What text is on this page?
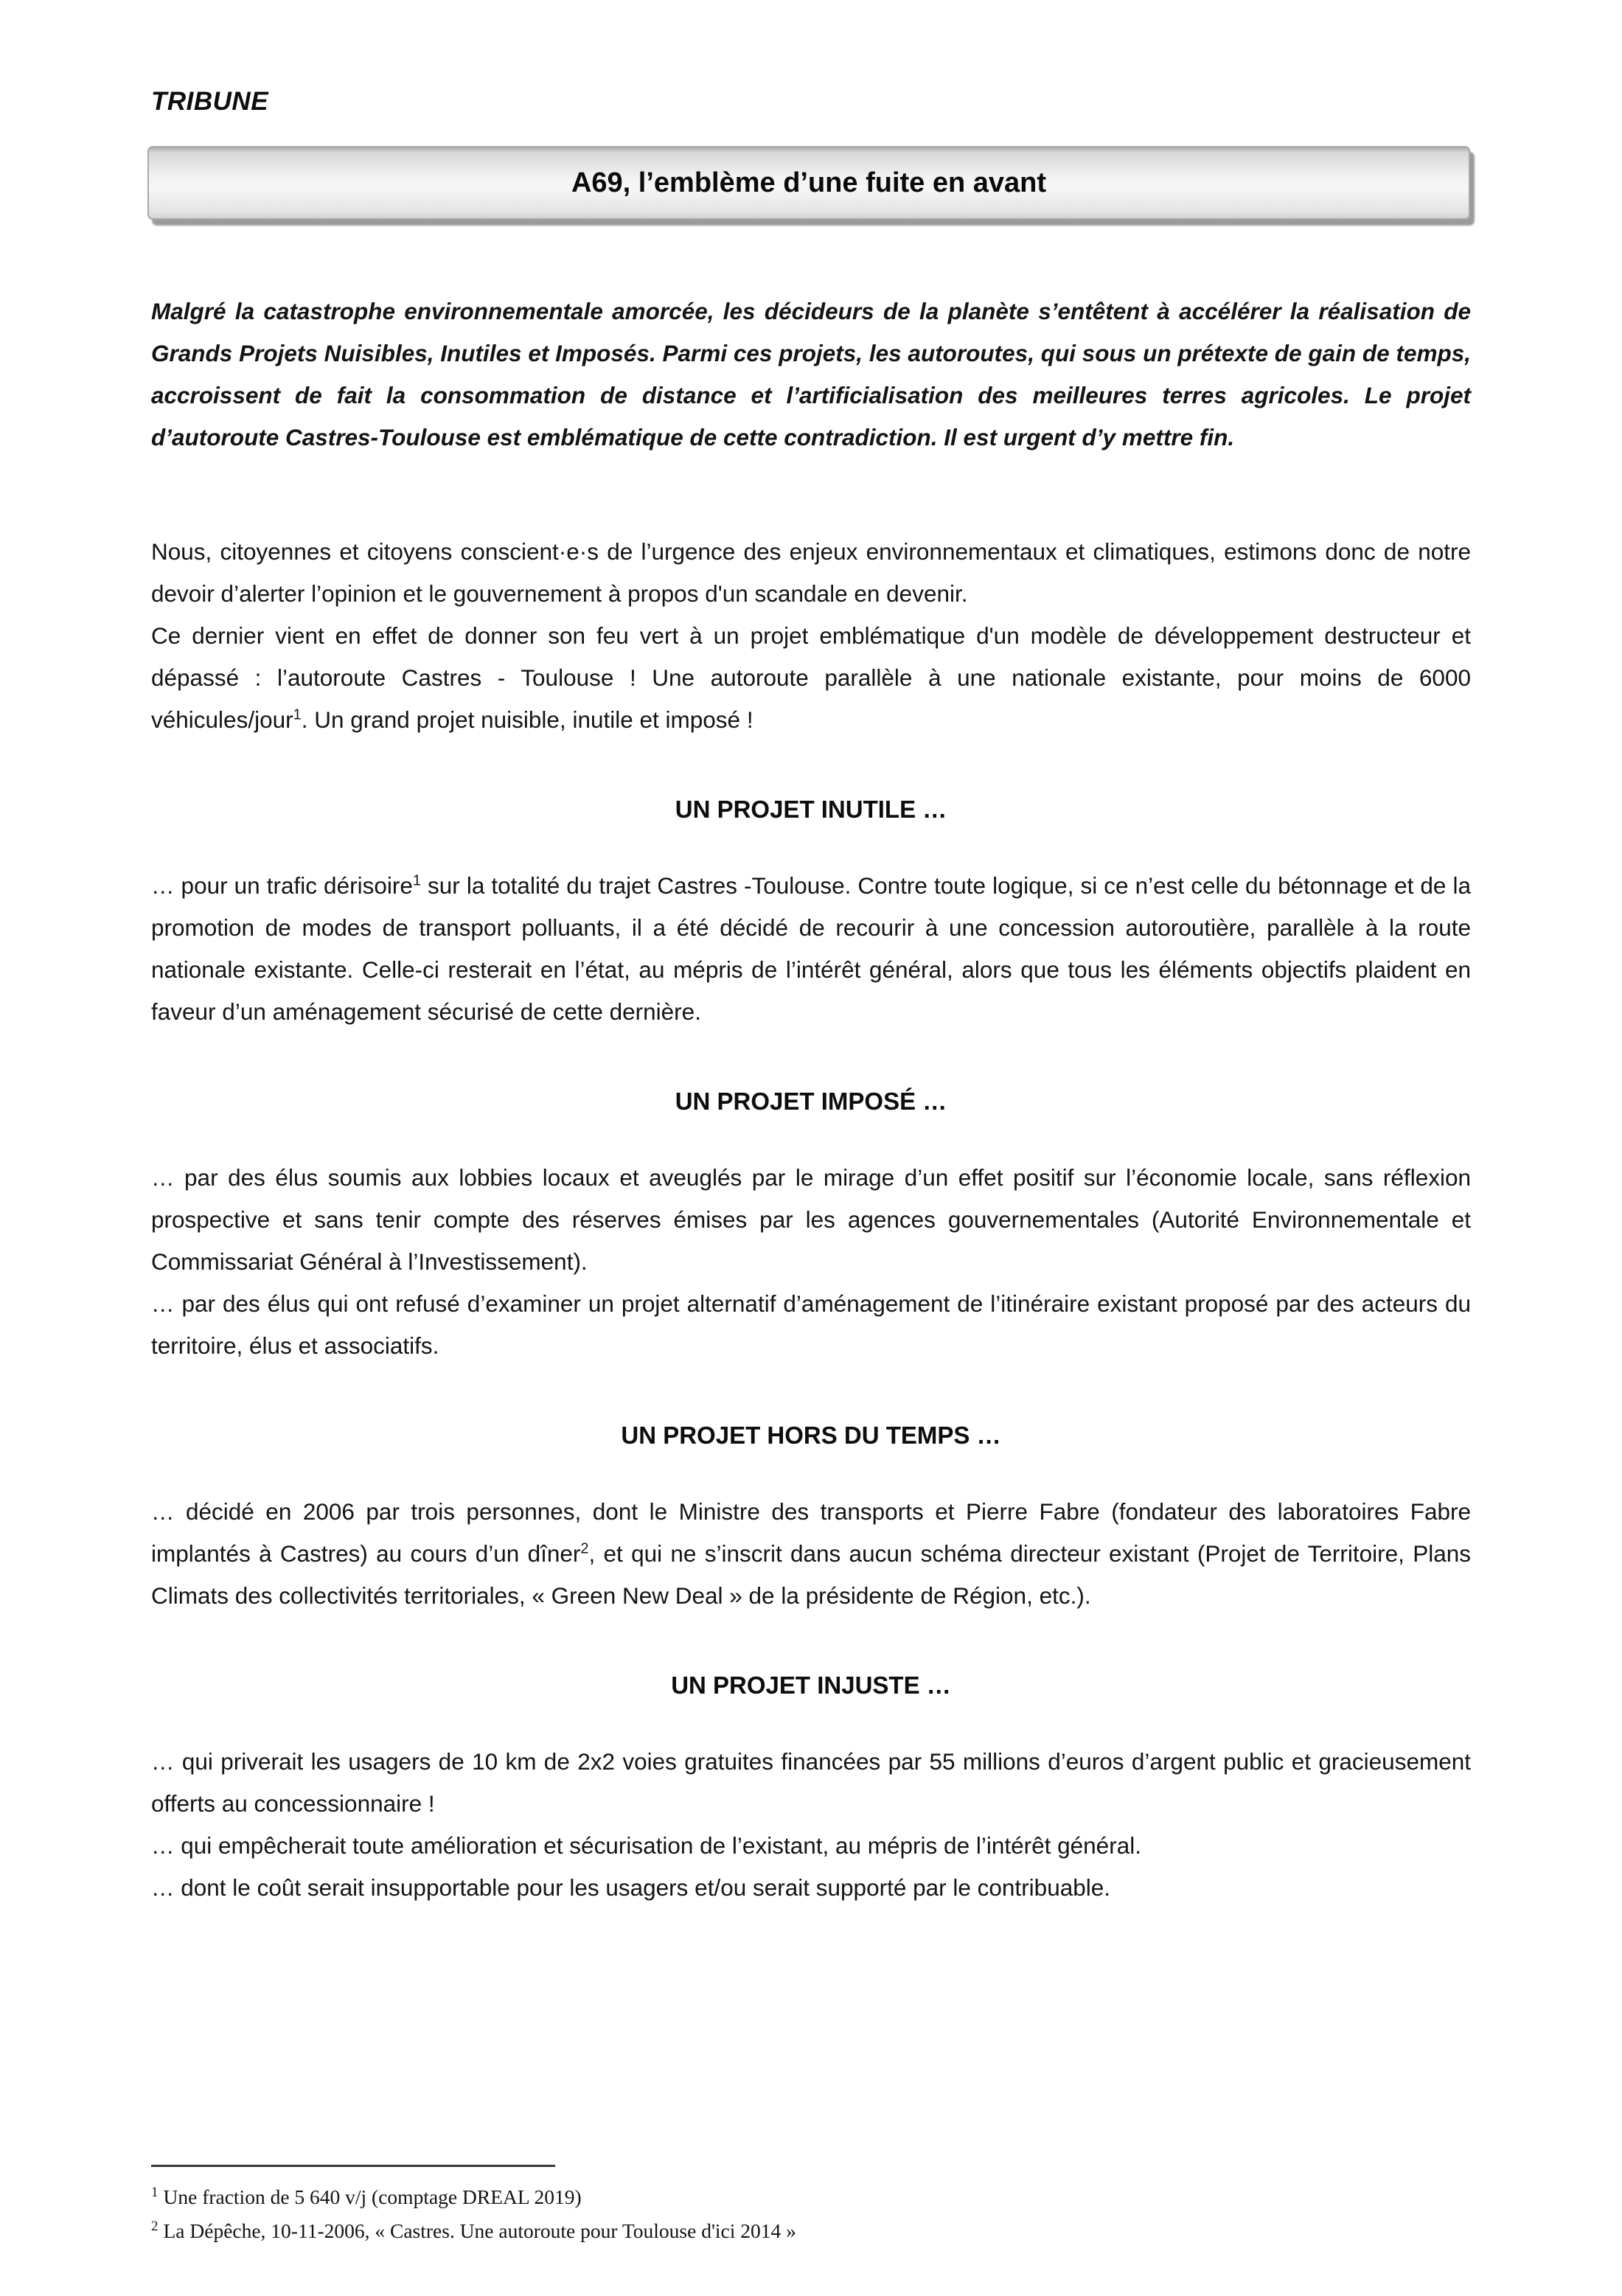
TRIBUNE
A69, l’emblème d’une fuite en avant

Malgré la catastrophe environnementale amorcée, les décideurs de la planète s’entêtent à accélérer la réalisation de Grands Projets Nuisibles, Inutiles et Imposés. Parmi ces projets, les autoroutes, qui sous un prétexte de gain de temps, accroissent de fait la consommation de distance et l’artificialisation des meilleures terres agricoles. Le projet d’autoroute Castres-Toulouse est emblématique de cette contradiction. Il est urgent d’y mettre fin.

Nous, citoyennes et citoyens conscient·e·s de l’urgence des enjeux environnementaux et climatiques, estimons donc de notre devoir d’alerter l’opinion et le gouvernement à propos d'un scandale en devenir.

Ce dernier vient en effet de donner son feu vert à un projet emblématique d'un modèle de développement destructeur et dépassé : l’autoroute Castres - Toulouse ! Une autoroute parallèle à une nationale existante, pour moins de 6000 véhicules/jour$^1$. Un grand projet nuisible, inutile et imposé !

UN PROJET INUTILE …

… pour un trafic dérisoire$^1$ sur la totalité du trajet Castres -Toulouse. Contre toute logique, si ce n’est celle du bétonnage et de la promotion de modes de transport polluants, il a été décidé de recourir à une concession autoroutière, parallèle à la route nationale existante. Celle-ci resterait en l’état, au mépris de l’intérêt général, alors que tous les éléments objectifs plaident en faveur d’un aménagement sécurisé de cette dernière.

UN PROJET IMPOSÉ …

… par des élus soumis aux lobbies locaux et aveuglés par le mirage d’un effet positif sur l’économie locale, sans réflexion prospective et sans tenir compte des réserves émises par les agences gouvernementales (Autorité Environnementale et Commissariat Général à l’Investissement).

… par des élus qui ont refusé d’examiner un projet alternatif d’aménagement de l’itinéraire existant proposé par des acteurs du territoire, élus et associatifs.

UN PROJET HORS DU TEMPS …

… décidé en 2006 par trois personnes, dont le Ministre des transports et Pierre Fabre (fondateur des laboratoires Fabre implantés à Castres) au cours d’un dîner$^2$, et qui ne s’inscrit dans aucun schéma directeur existant (Projet de Territoire, Plans Climats des collectivités territoriales, « Green New Deal » de la présidente de Région, etc.).

UN PROJET INJUSTE …

… qui priverait les usagers de 10 km de 2x2 voies gratuites financées par 55 millions d’euros d’argent public et gracieusement offerts au concessionnaire !

… qui empêcherait toute amélioration et sécurisation de l’existant, au mépris de l’intérêt général.

… dont le coût serait insupportable pour les usagers et/ou serait supporté par le contribuable.

$^1$ Une fraction de 5 640 v/j (comptage DREAL 2019)
$^2$ La Dépêche, 10-11-2006, « Castres. Une autoroute pour Toulouse d'ici 2014 »
